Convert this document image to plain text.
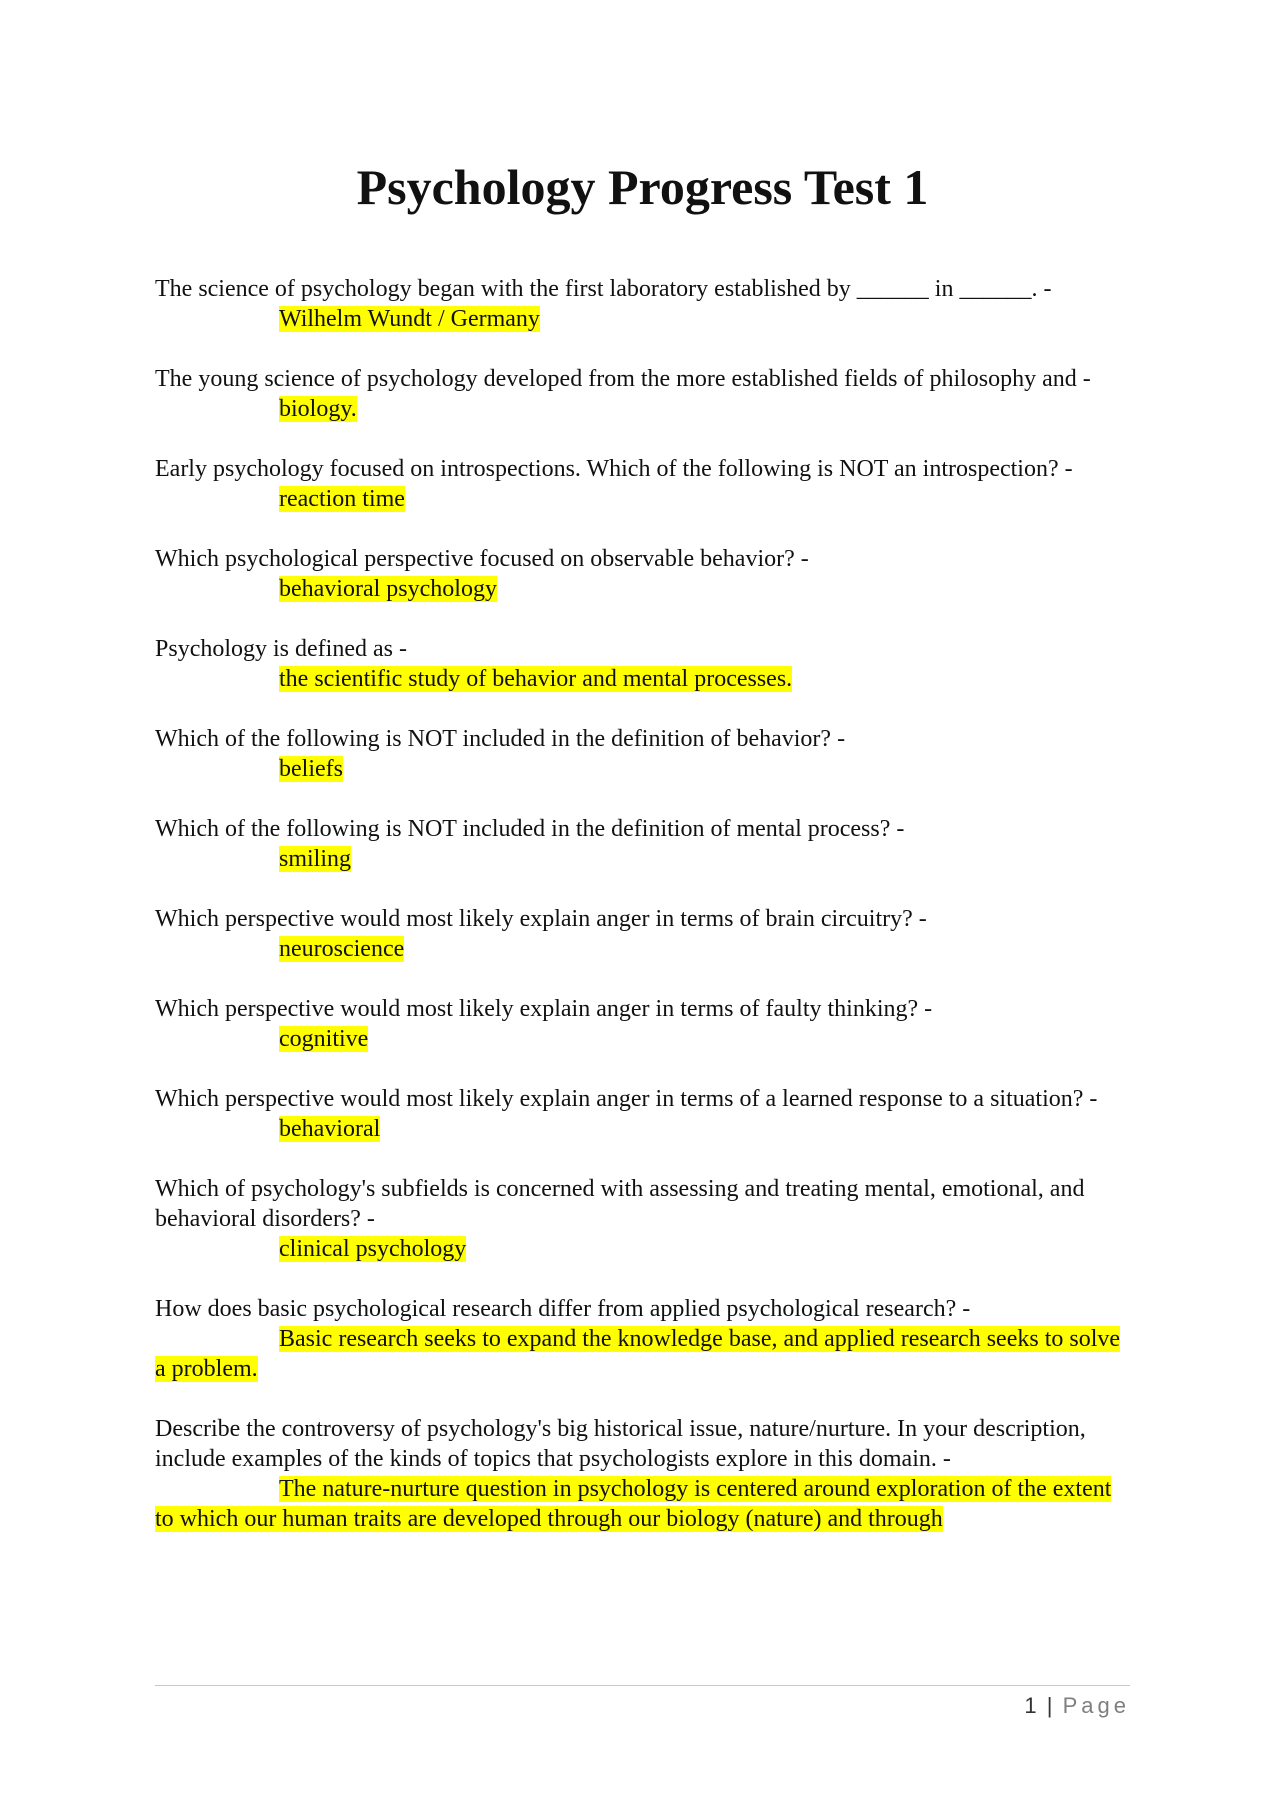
Psychology Progress Test 1
The science of psychology began with the first laboratory established by ______ in ______. -
Wilhelm Wundt / Germany
The young science of psychology developed from the more established fields of philosophy and -
biology.
Early psychology focused on introspections. Which of the following is NOT an introspection? -
reaction time
Which psychological perspective focused on observable behavior? -
behavioral psychology
Psychology is defined as -
the scientific study of behavior and mental processes.
Which of the following is NOT included in the definition of behavior? -
beliefs
Which of the following is NOT included in the definition of mental process? -
smiling
Which perspective would most likely explain anger in terms of brain circuitry? -
neuroscience
Which perspective would most likely explain anger in terms of faulty thinking? -
cognitive
Which perspective would most likely explain anger in terms of a learned response to a situation? -
behavioral
Which of psychology's subfields is concerned with assessing and treating mental, emotional, and behavioral disorders? -
clinical psychology
How does basic psychological research differ from applied psychological research? -
Basic research seeks to expand the knowledge base, and applied research seeks to solve a problem.
Describe the controversy of psychology's big historical issue, nature/nurture. In your description, include examples of the kinds of topics that psychologists explore in this domain. -
The nature-nurture question in psychology is centered around exploration of the extent to which our human traits are developed through our biology (nature) and through
1 | Page
